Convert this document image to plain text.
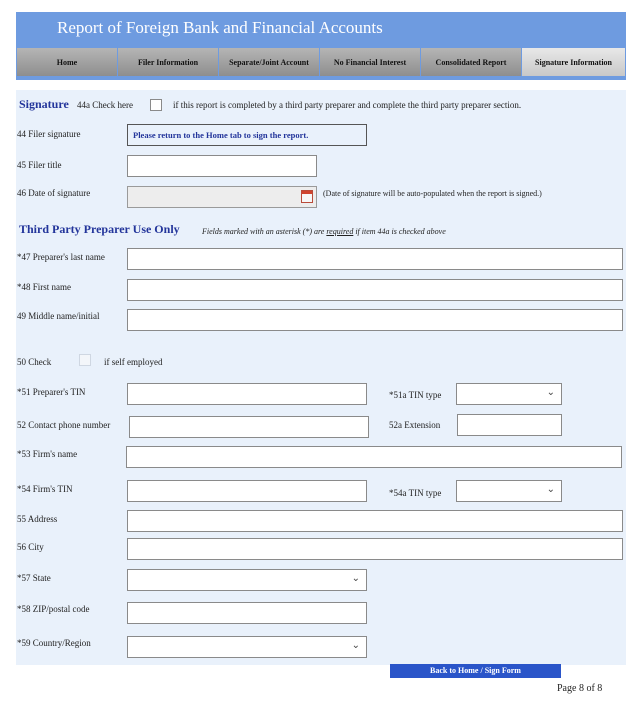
Report of Foreign Bank and Financial Accounts
Home	Filer Information	Separate/Joint Account	No Financial Interest	Consolidated Report	Signature Information
Signature 44a Check here	if this report is completed by a third party preparer and complete the third party preparer section.
44 Filer signature	Please return to the Home tab to sign the report.
45 Filer title
46 Date of signature	(Date of signature will be auto-populated when the report is signed.)
Third Party Preparer Use Only	Fields marked with an asterisk (*) are required if item 44a is checked above
*47 Preparer's last name
*48 First name
49 Middle name/initial
50 Check	if self employed
*51 Preparer's TIN	*51a TIN type	⌄
52 Contact phone number	52a Extension
*53 Firm's name
*54 Firm's TIN	*54a TIN type	⌄
55 Address
56 City
*57 State	⌄
*58 ZIP/postal code
*59 Country/Region	⌄
Back to Home / Sign Form
Page 8 of 8
